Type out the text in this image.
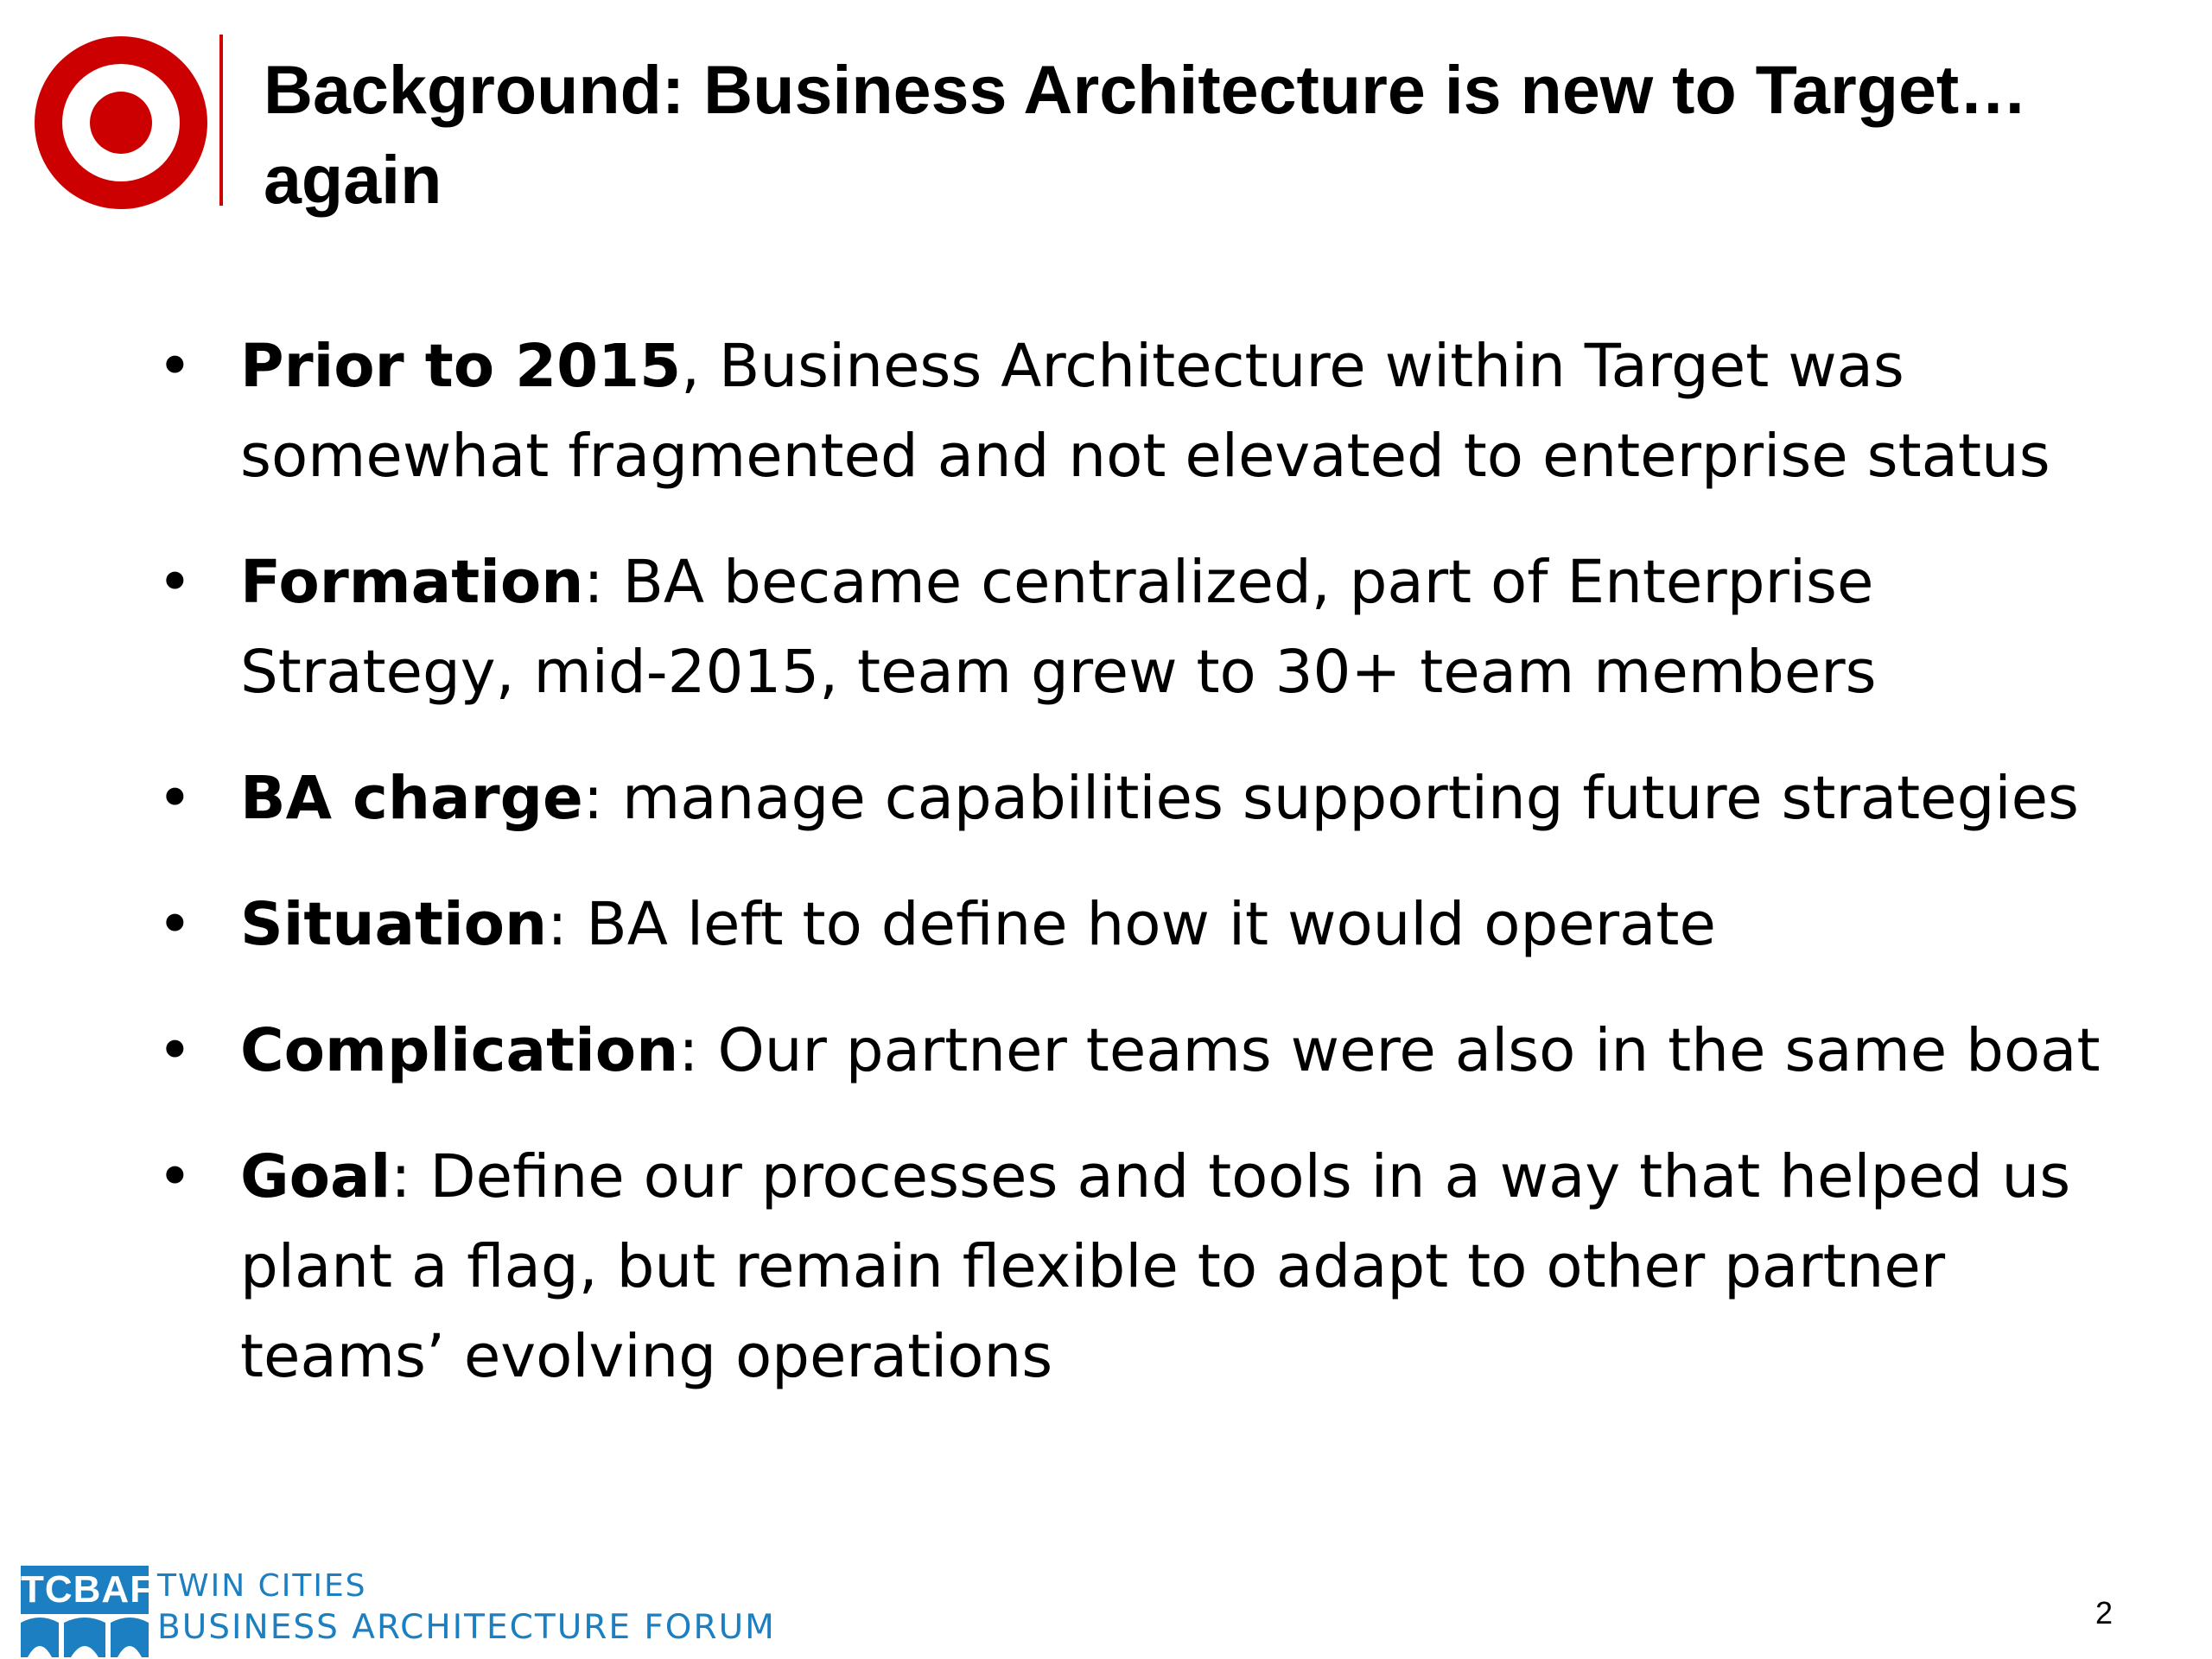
Background: Business Architecture is new to Target…again
• Prior to 2015, Business Architecture within Target was somewhat fragmented and not elevated to enterprise status
• Formation: BA became centralized, part of Enterprise Strategy, mid-2015, team grew to 30+ team members
• BA charge: manage capabilities supporting future strategies
• Situation: BA left to define how it would operate
• Complication: Our partner teams were also in the same boat
• Goal: Define our processes and tools in a way that helped us plant a flag, but remain flexible to adapt to other partner teams’ evolving operations
TCBAF TWIN CITIES
BUSINESS ARCHITECTURE FORUM	2
